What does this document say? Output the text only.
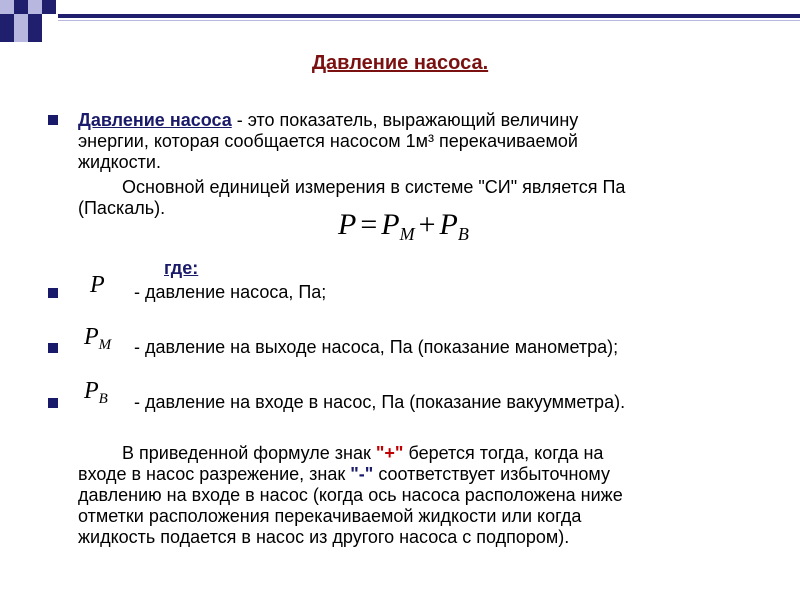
Давление насоса.
Давление насоса - это показатель, выражающий величину
энергии, которая сообщается насосом 1м³ перекачиваемой
жидкости.
Основной единицей измерения в системе "СИ" является Па
(Паскаль).	$P = P_M + P_B$
где:
P - давление насоса, Па;
$P_M$ - давление на выходе насоса, Па (показание манометра);
$P_B$ - давление на входе в насос, Па (показание вакуумметра).
В приведенной формуле знак "+" берется тогда, когда на
входе в насос разрежение, знак "-" соответствует избыточному
давлению на входе в насос (когда ось насоса расположена ниже
отметки расположения перекачиваемой жидкости или когда
жидкость подается в насос из другого насоса с подпором).
